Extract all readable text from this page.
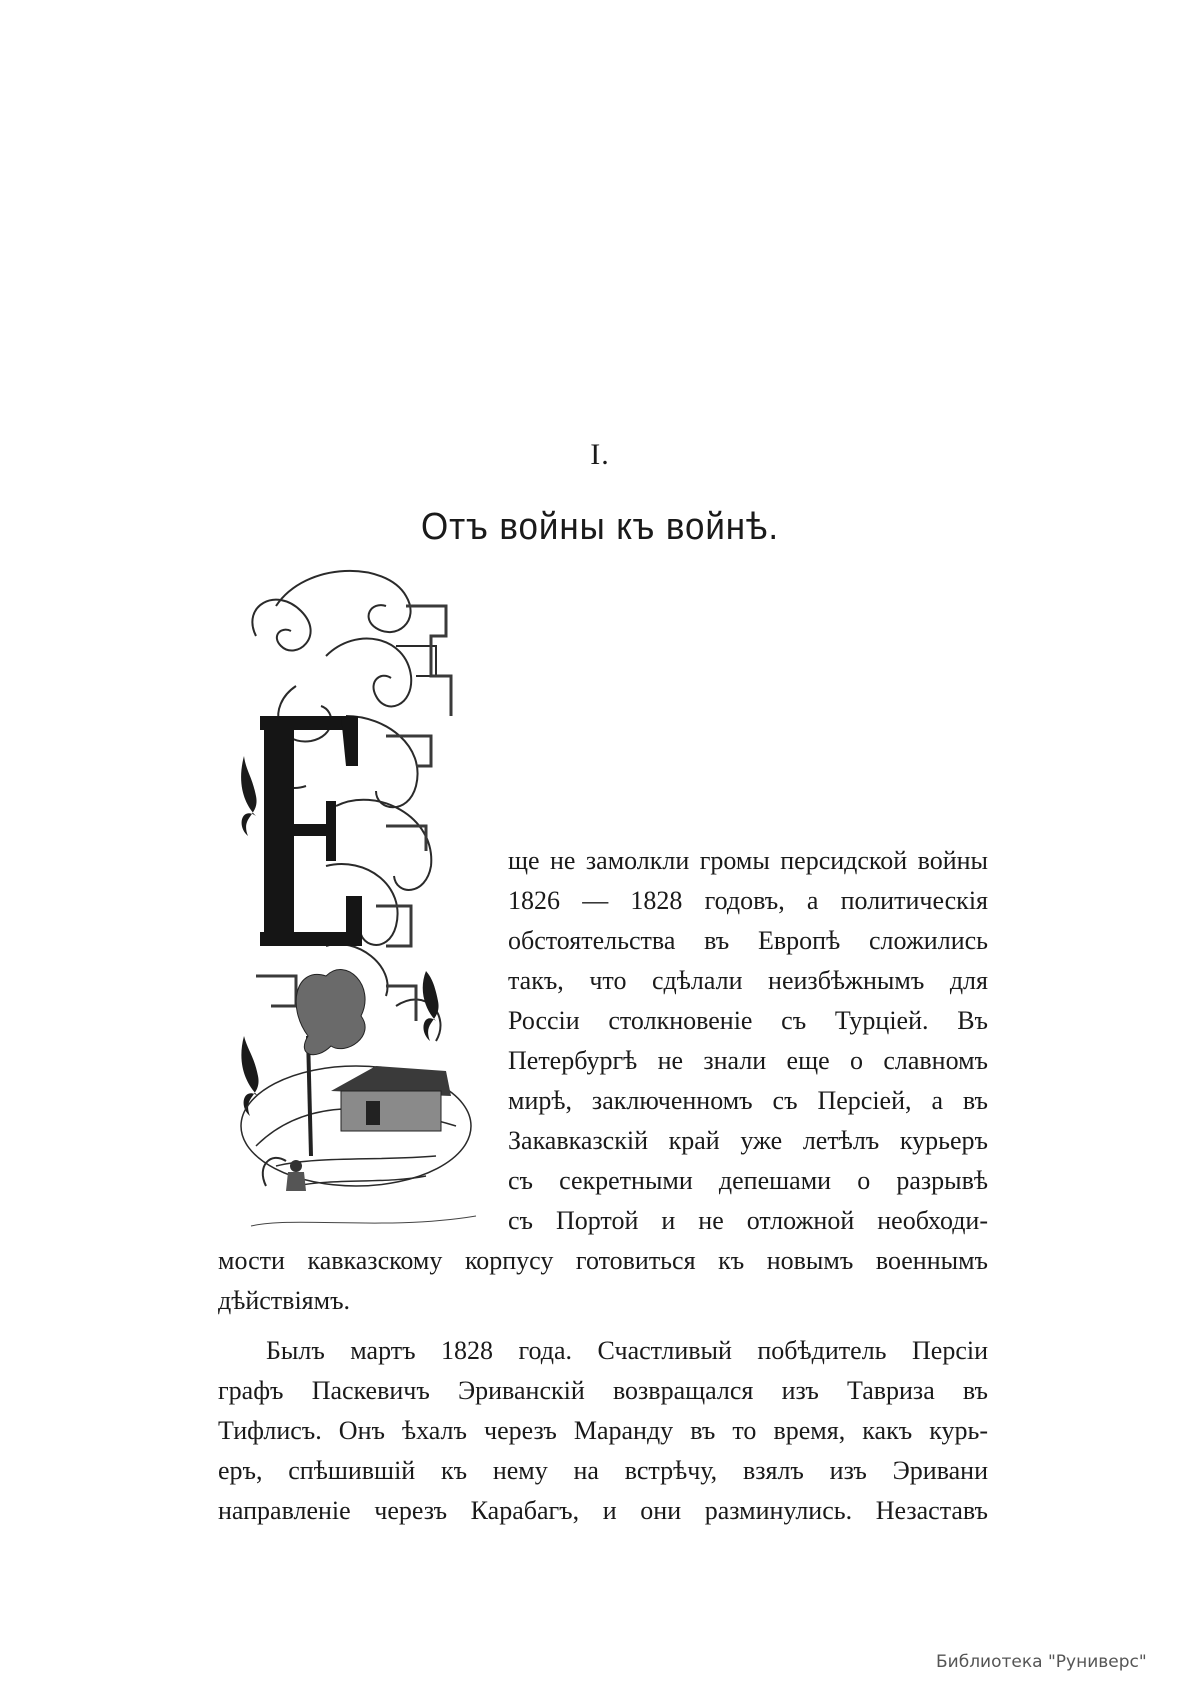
I.
Отъ войны къ войнѣ.
ще не замолкли громы персидской войны
1826 — 1828 годовъ, а политическія
обстоятельства въ Европѣ сложились
такъ, что сдѣлали неизбѣжнымъ для
Россіи столкновеніе съ Турціей. Въ
Петербургѣ не знали еще о славномъ
мирѣ, заключенномъ съ Персіей, а въ
Закавказскій край уже летѣлъ курьеръ
съ секретными депешами о разрывѣ
съ Портой и не отложной необходи-
мости кавказскому корпусу готовиться къ новымъ военнымъ
дѣйствіямъ.
Былъ мартъ 1828 года. Счастливый побѣдитель Персіи
графъ Паскевичъ Эриванскій возвращался изъ Тавриза въ
Тифлисъ. Онъ ѣхалъ черезъ Маранду въ то время, какъ курь-
еръ, спѣшившій къ нему на встрѣчу, взялъ изъ Эривани
направленіе черезъ Карабагъ, и они разминулись. Незаставъ
Библиотека "Руниверс"
